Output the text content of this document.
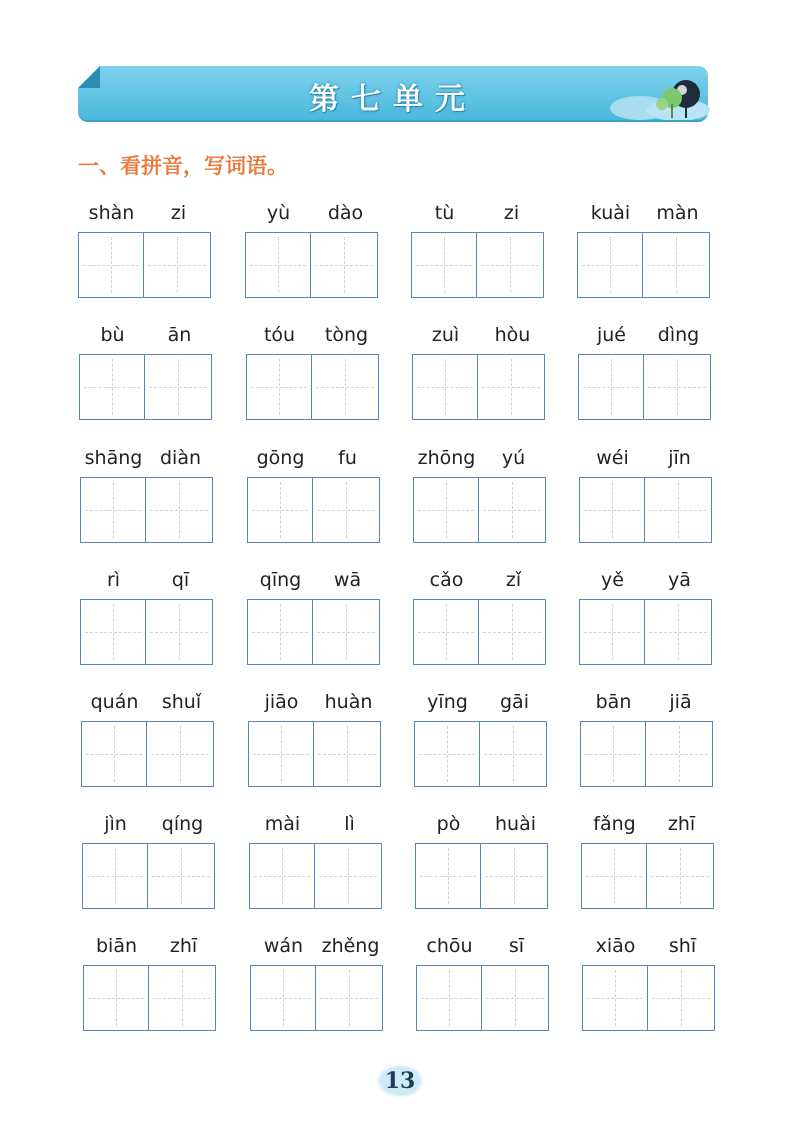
第七单元
一、看拼音，写词语。
shàn	zi	yù	dào	tù	zi	kuài	màn
bù	ān	tóu	tòng	zuì	hòu	jué	dìng
shāng diàn	gōng	fu	zhōng	yú	wéi	jīn
rì	qī	qīng	wā	cǎo	zǐ	yě	yā
quán	shuǐ	jiāo	huàn	yīng	gāi	bān	jiā
jìn	qíng	mài	lì	pò	huài	fǎng	zhī
biān	zhī	wán zhěng	chōu	sī	xiāo	shī
13
